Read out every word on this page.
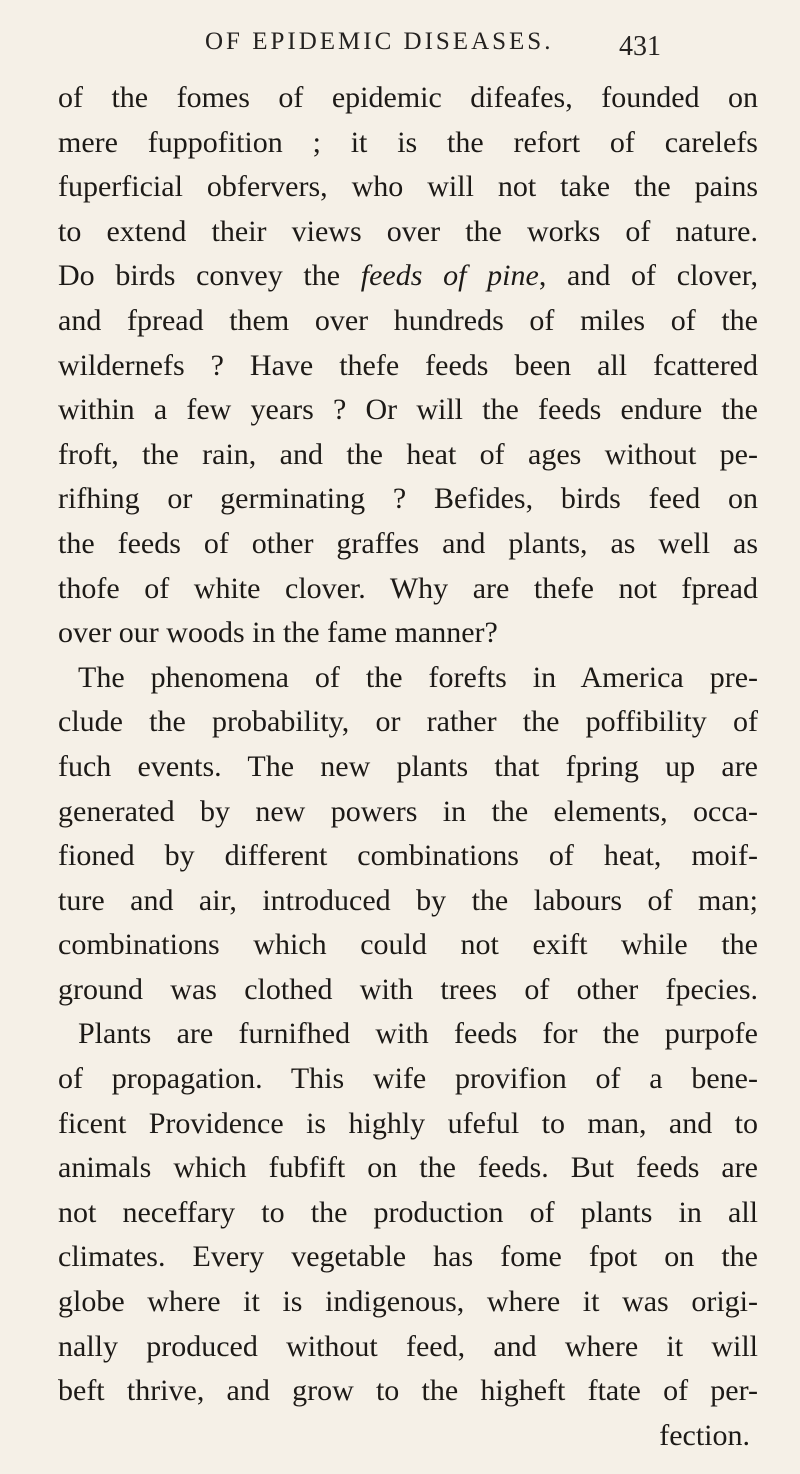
OF EPIDEMIC DISEASES. 431
of the fomes of epidemic difeafes, founded on
mere fuppofition ; it is the refort of carelefs
fuperficial obfervers, who will not take the pains
to extend their views over the works of nature.
Do birds convey the feeds of pine, and of clover,
and fpread them over hundreds of miles of the
wildernefs ? Have thefe feeds been all fcattered
within a few years ? Or will the feeds endure the
froft, the rain, and the heat of ages without pe-
rifhing or germinating ? Befides, birds feed on
the feeds of other graffes and plants, as well as
thofe of white clover. Why are thefe not fpread
over our woods in the fame manner?
The phenomena of the forefts in America pre-
clude the probability, or rather the poffibility of
fuch events. The new plants that fpring up are
generated by new powers in the elements, occa-
fioned by different combinations of heat, moif-
ture and air, introduced by the labours of man;
combinations which could not exift while the
ground was clothed with trees of other fpecies.
Plants are furnifhed with feeds for the purpofe
of propagation. This wife provifion of a bene-
ficent Providence is highly ufeful to man, and to
animals which fubfift on the feeds. But feeds are
not neceffary to the production of plants in all
climates. Every vegetable has fome fpot on the
globe where it is indigenous, where it was origi-
nally produced without feed, and where it will
beft thrive, and grow to the higheft ftate of per-
fection.
